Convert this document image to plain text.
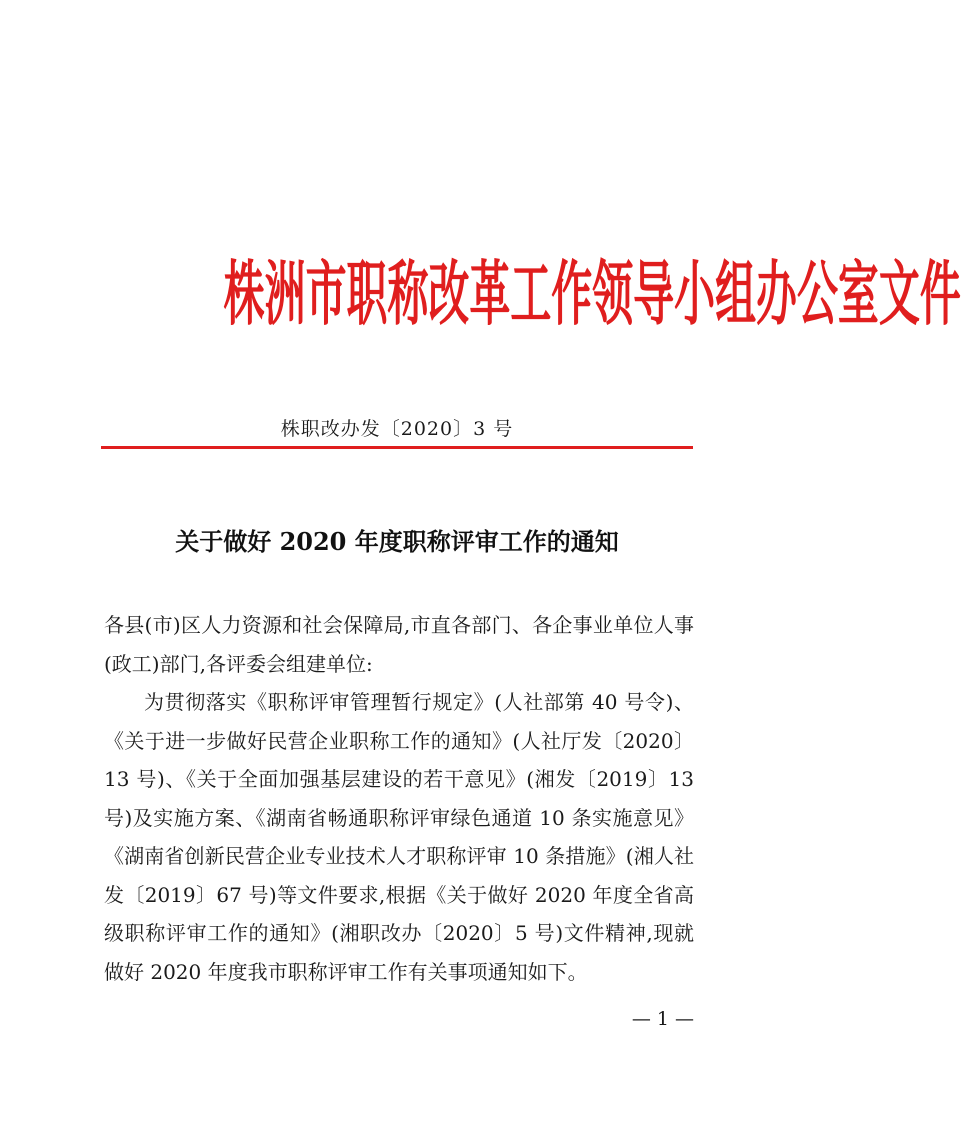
株洲市职称改革工作领导小组办公室文件
株职改办发〔2020〕3 号
关于做好 2020 年度职称评审工作的通知

各县(市)区人力资源和社会保障局,市直各部门、各企事业单位人事(政工)部门,各评委会组建单位:

为贯彻落实《职称评审管理暂行规定》(人社部第 40 号令)、《关于进一步做好民营企业职称工作的通知》(人社厅发〔2020〕13 号)、《关于全面加强基层建设的若干意见》(湘发〔2019〕13 号)及实施方案、《湖南省畅通职称评审绿色通道 10 条实施意见》《湖南省创新民营企业专业技术人才职称评审 10 条措施》(湘人社发〔2019〕67 号)等文件要求,根据《关于做好 2020 年度全省高级职称评审工作的通知》(湘职改办〔2020〕5 号)文件精神,现就做好 2020 年度我市职称评审工作有关事项通知如下。

— 1 —
